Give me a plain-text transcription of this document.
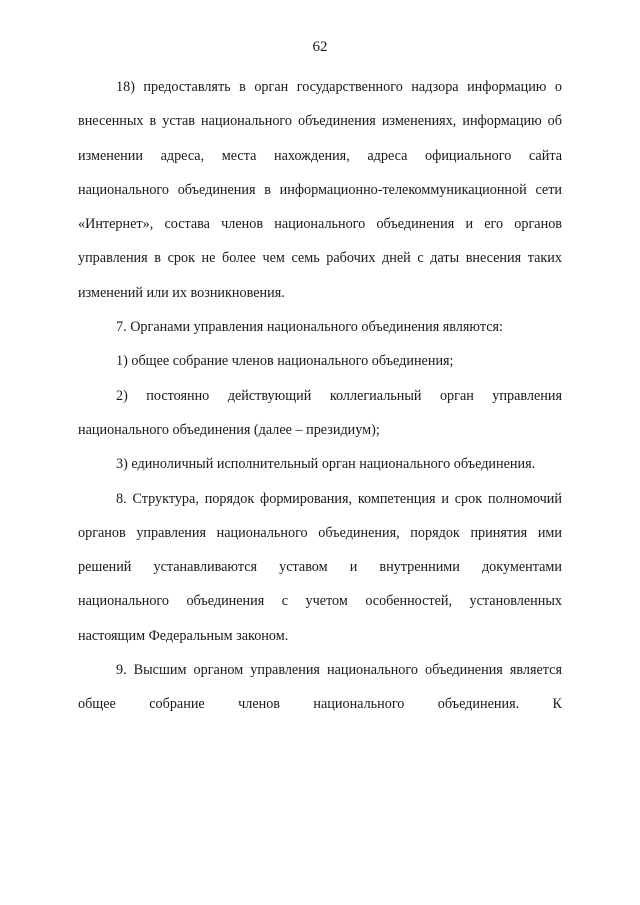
62

18) предоставлять в орган государственного надзора информацию о внесенных в устав национального объединения изменениях, информацию об изменении адреса, места нахождения, адреса официального сайта национального объединения в информационно-телекоммуникационной сети «Интернет», состава членов национального объединения и его органов управления в срок не более чем семь рабочих дней с даты внесения таких изменений или их возникновения.

7. Органами управления национального объединения являются:

1) общее собрание членов национального объединения;

2) постоянно действующий коллегиальный орган управления национального объединения (далее – президиум);

3) единоличный исполнительный орган национального объединения.

8. Структура, порядок формирования, компетенция и срок полномочий органов управления национального объединения, порядок принятия ими решений устанавливаются уставом и внутренними документами национального объединения с учетом особенностей, установленных настоящим Федеральным законом.

9. Высшим органом управления национального объединения является общее собрание членов национального объединения. К
